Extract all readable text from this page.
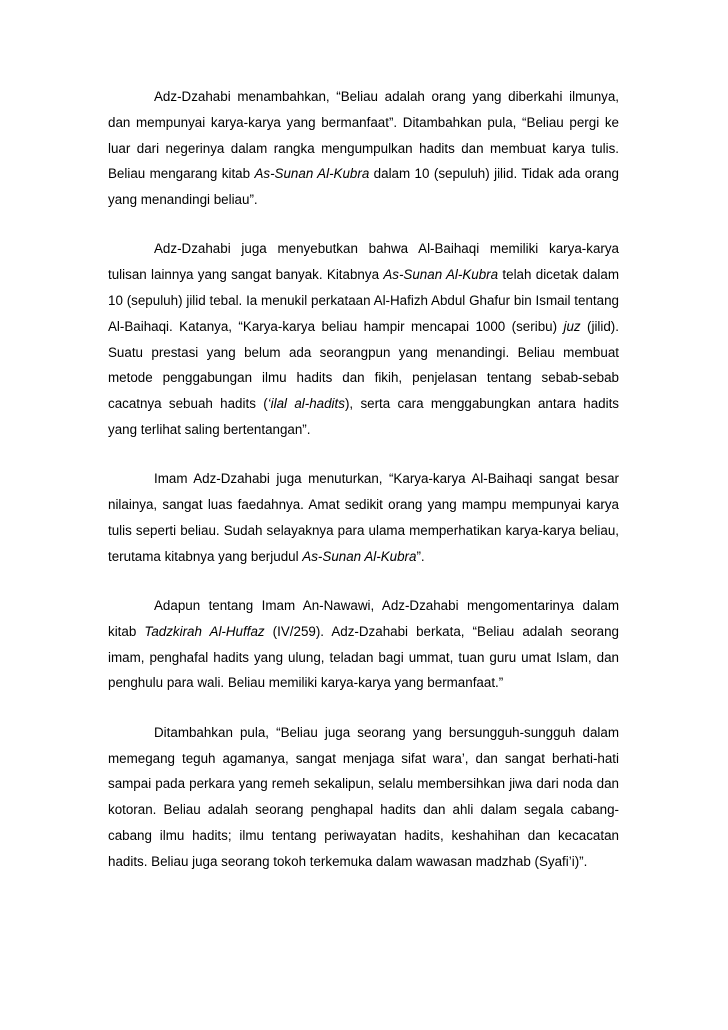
Adz-Dzahabi menambahkan, “Beliau adalah orang yang diberkahi ilmunya, dan mempunyai karya-karya yang bermanfaat”. Ditambahkan pula, “Beliau pergi ke luar dari negerinya dalam rangka mengumpulkan hadits dan membuat karya tulis. Beliau mengarang kitab As-Sunan Al-Kubra dalam 10 (sepuluh) jilid. Tidak ada orang yang menandingi beliau”.

Adz-Dzahabi juga menyebutkan bahwa Al-Baihaqi memiliki karya-karya tulisan lainnya yang sangat banyak. Kitabnya As-Sunan Al-Kubra telah dicetak dalam 10 (sepuluh) jilid tebal. Ia menukil perkataan Al-Hafizh Abdul Ghafur bin Ismail tentang Al-Baihaqi. Katanya, “Karya-karya beliau hampir mencapai 1000 (seribu) juz (jilid). Suatu prestasi yang belum ada seorangpun yang menandingi. Beliau membuat metode penggabungan ilmu hadits dan fikih, penjelasan tentang sebab-sebab cacatnya sebuah hadits (‘ilal al-hadits), serta cara menggabungkan antara hadits yang terlihat saling bertentangan”.

Imam Adz-Dzahabi juga menuturkan, “Karya-karya Al-Baihaqi sangat besar nilainya, sangat luas faedahnya. Amat sedikit orang yang mampu mempunyai karya tulis seperti beliau. Sudah selayaknya para ulama memperhatikan karya-karya beliau, terutama kitabnya yang berjudul As-Sunan Al-Kubra”.

Adapun tentang Imam An-Nawawi, Adz-Dzahabi mengomentarinya dalam kitab Tadzkirah Al-Huffaz (IV/259). Adz-Dzahabi berkata, “Beliau adalah seorang imam, penghafal hadits yang ulung, teladan bagi ummat, tuan guru umat Islam, dan penghulu para wali. Beliau memiliki karya-karya yang bermanfaat.”

Ditambahkan pula, “Beliau juga seorang yang bersungguh-sungguh dalam memegang teguh agamanya, sangat menjaga sifat wara’, dan sangat berhati-hati sampai pada perkara yang remeh sekalipun, selalu membersihkan jiwa dari noda dan kotoran. Beliau adalah seorang penghapal hadits dan ahli dalam segala cabang-cabang ilmu hadits; ilmu tentang periwayatan hadits, keshahihan dan kecacatan hadits. Beliau juga seorang tokoh terkemuka dalam wawasan madzhab (Syafi’i)”.
